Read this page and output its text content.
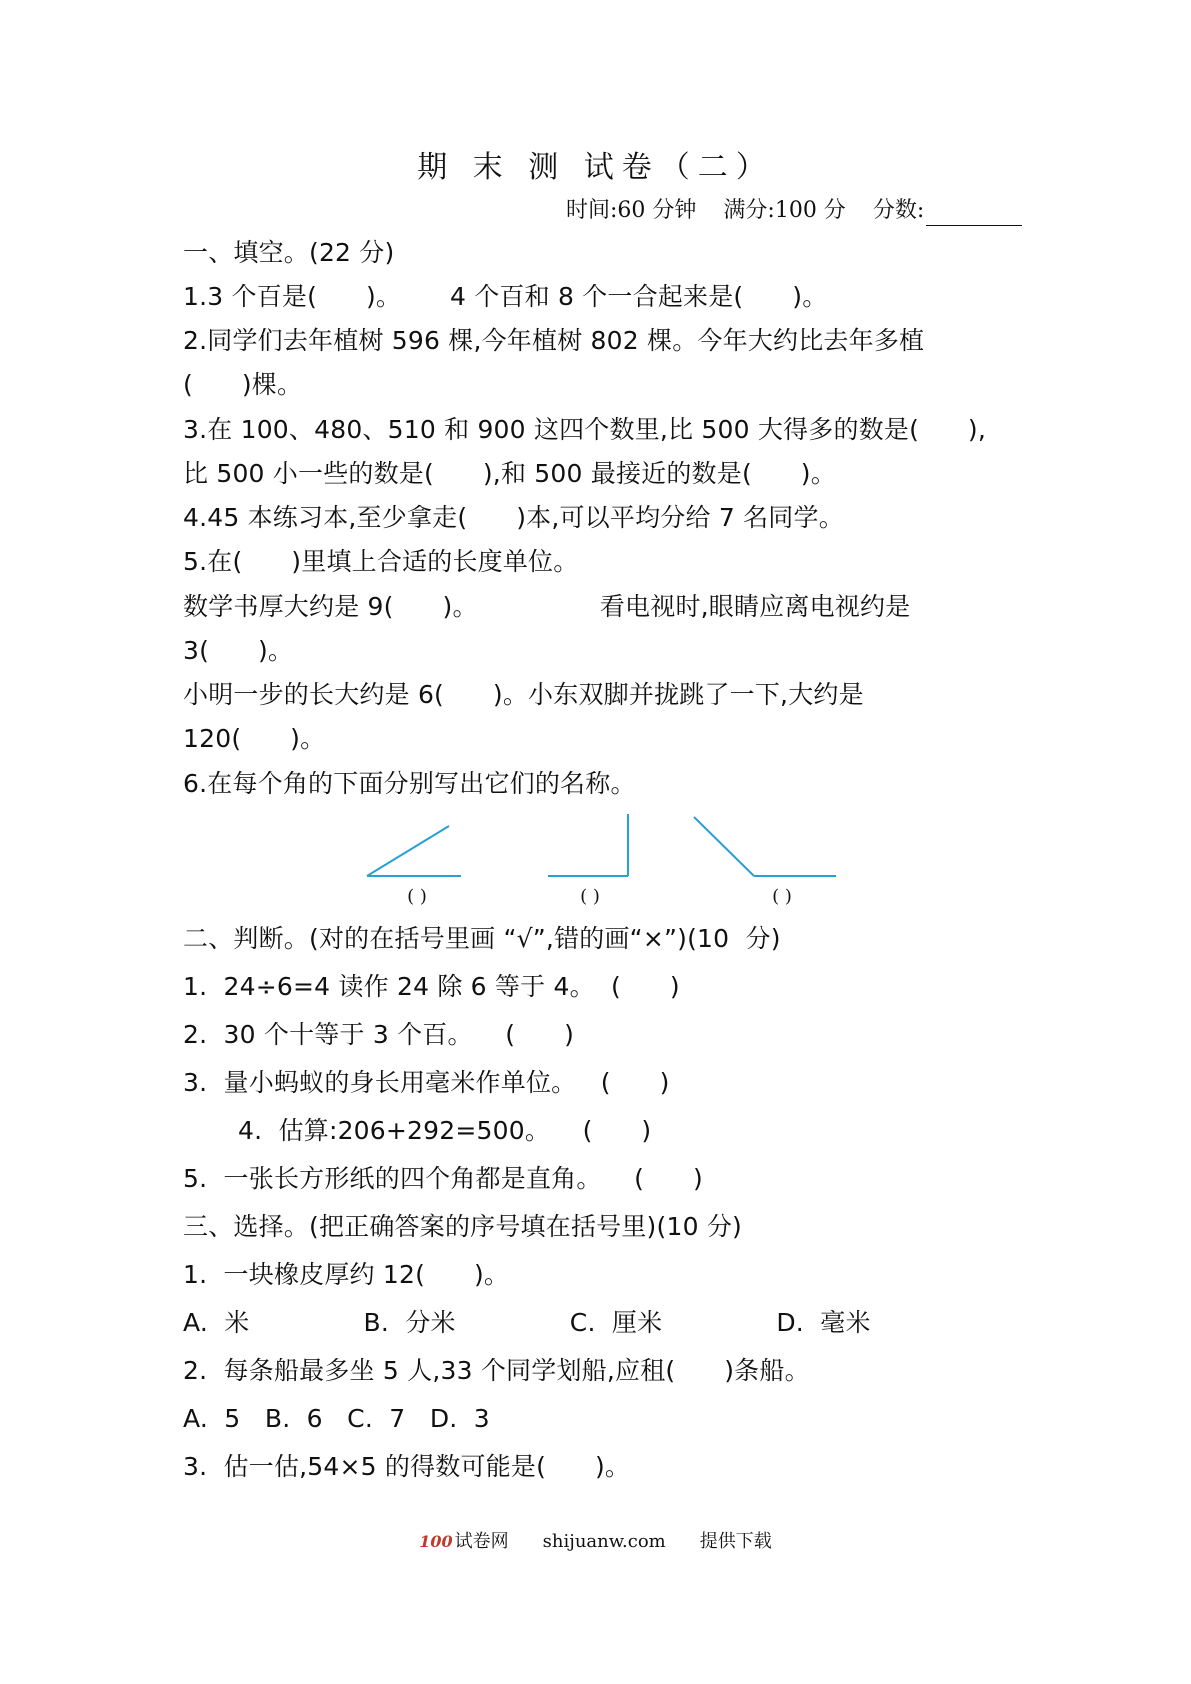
期 末 测 试卷（二）
时间:60 分钟 满分:100 分 分数:
一、填空。(22 分)
1.3 个百是(      )。      4 个百和 8 个一合起来是(      )。
2.同学们去年植树 596 棵,今年植树 802 棵。今年大约比去年多植
(      )棵。
3.在 100、480、510 和 900 这四个数里,比 500 大得多的数是(      ),
比 500 小一些的数是(      ),和 500 最接近的数是(      )。
4.45 本练习本,至少拿走(      )本,可以平均分给 7 名同学。
5.在(      )里填上合适的长度单位。
数学书厚大约是 9(      )。               看电视时,眼睛应离电视约是
3(      )。
小明一步的长大约是 6(      )。小东双脚并拢跳了一下,大约是
120(      )。
6.在每个角的下面分别写出它们的名称。
( )	( )	( )
二、判断。(对的在括号里画 “√”,错的画“×”)(10  分)
1.  24÷6=4 读作 24 除 6 等于 4。  (      )
2.  30 个十等于 3 个百。    (      )
3.  量小蚂蚁的身长用毫米作单位。   (      )
4.  估算:206+292=500。    (      )
5.  一张长方形纸的四个角都是直角。    (      )
三、选择。(把正确答案的序号填在括号里)(10 分)
1.  一块橡皮厚约 12(      )。
A.  米              B.  分米              C.  厘米              D.  毫米
2.  每条船最多坐 5 人,33 个同学划船,应租(      )条船。
A.  5   B.  6   C.  7   D.  3
3.  估一估,54×5 的得数可能是(      )。
100 试卷网 shijuanw.com 提供下载
